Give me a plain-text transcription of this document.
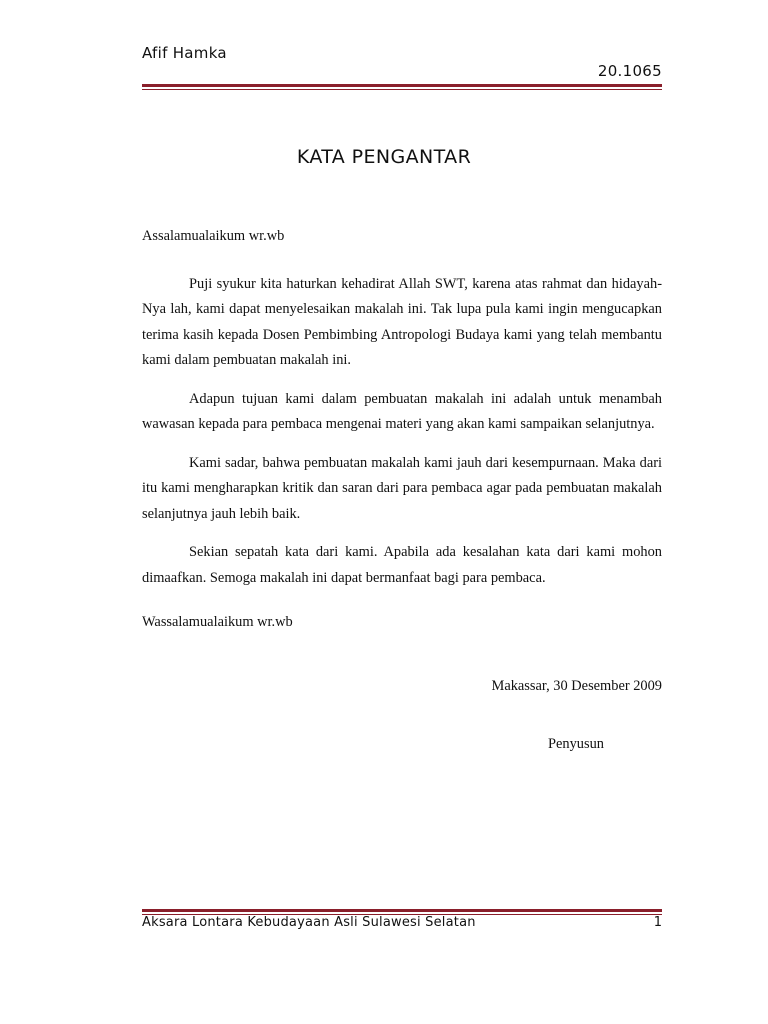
Afif Hamka
20.1065
KATA PENGANTAR

Assalamualaikum wr.wb

Puji syukur kita haturkan kehadirat Allah SWT, karena atas rahmat dan hidayah-Nya lah, kami dapat menyelesaikan makalah ini. Tak lupa pula kami ingin mengucapkan terima kasih kepada Dosen Pembimbing Antropologi Budaya kami yang telah membantu kami dalam pembuatan makalah ini.

Adapun tujuan kami dalam pembuatan makalah ini adalah untuk menambah wawasan kepada para pembaca mengenai materi yang akan kami sampaikan selanjutnya.

Kami sadar, bahwa pembuatan makalah kami jauh dari kesempurnaan. Maka dari itu kami mengharapkan kritik dan saran dari para pembaca agar pada pembuatan makalah selanjutnya jauh lebih baik.

Sekian sepatah kata dari kami. Apabila ada kesalahan kata dari kami mohon dimaafkan. Semoga makalah ini dapat bermanfaat bagi para pembaca.

Wassalamualaikum wr.wb

Makassar, 30 Desember 2009

Penyusun

Aksara Lontara Kebudayaan Asli Sulawesi Selatan	1
